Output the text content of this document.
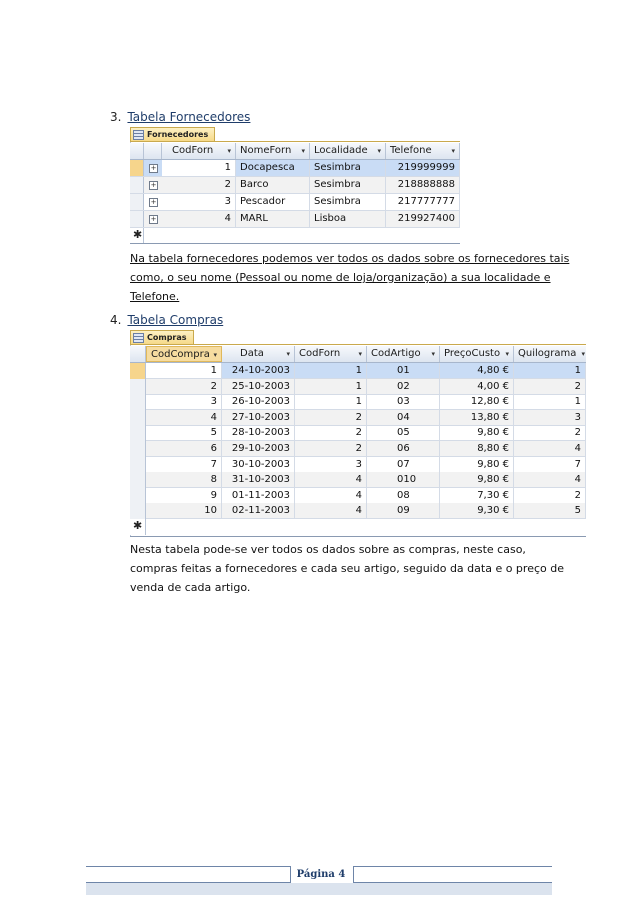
3. Tabela Fornecedores
Fornecedores
CodForn ▾ NomeForn ▾ Localidade ▾ Telefone	▾
+	1 Docapesca	Sesimbra	219999999
+	2 Barco	Sesimbra	218888888
+	3 Pescador	Sesimbra	217777777
+	4 MARL	Lisboa	219927400
✱
Na tabela fornecedores podemos ver todos os dados sobre os fornecedores tais
como, o seu nome (Pessoal ou nome de loja/organização) a sua localidade e
Telefone.
4. Tabela Compras
Compras
CodCompra ▾	Data	▾ CodForn	▾ CodArtigo ▾ PreçoCusto ▾ Quilograma ▾
1	24-10-2003	1	01	4,80 €	1
2	25-10-2003	1	02	4,00 €	2
3	26-10-2003	1	03	12,80 €	1
4	27-10-2003	2	04	13,80 €	3
5	28-10-2003	2	05	9,80 €	2
6	29-10-2003	2	06	8,80 €	4
7	30-10-2003	3	07	9,80 €	7
8	31-10-2003	4	010	9,80 €	4
9	01-11-2003	4	08	7,30 €	2
10	02-11-2003	4	09	9,30 €	5
✱
Nesta tabela pode-se ver todos os dados sobre as compras, neste caso,
compras feitas a fornecedores e cada seu artigo, seguido da data e o preço de
venda de cada artigo.
Página 4
